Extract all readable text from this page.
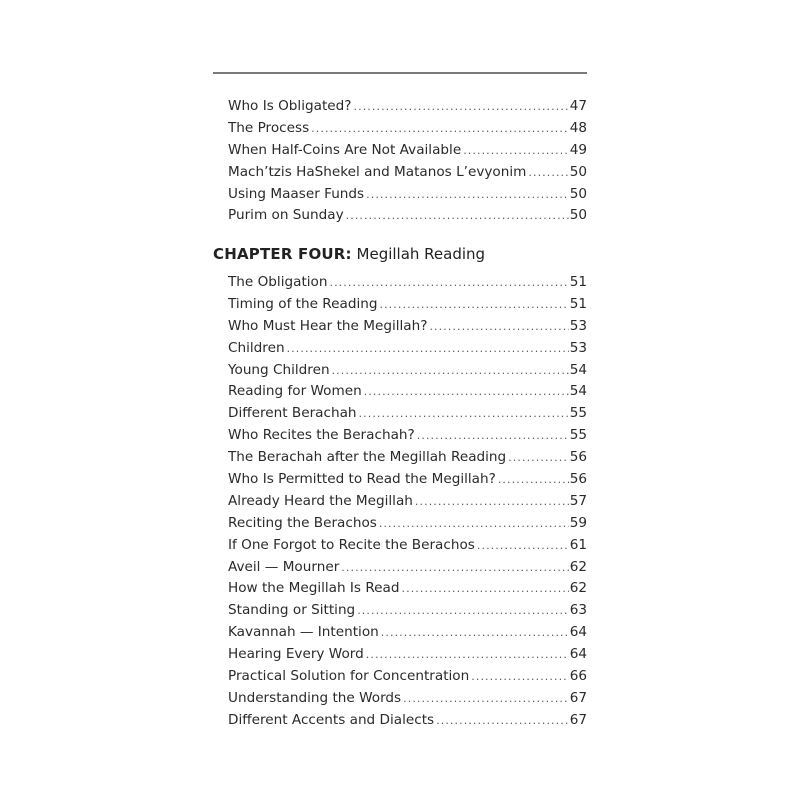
Who Is Obligated? .....	47
The Process .....	48
When Half-Coins Are Not Available .....	49
Mach’tzis HaShekel and Matanos L’evyonim .....	50
Using Maaser Funds .....	50
Purim on Sunday .....	50
CHAPTER FOUR: Megillah Reading
The Obligation .....	51
Timing of the Reading .....	51
Who Must Hear the Megillah? .....	53
Children .....	53
Young Children .....	54
Reading for Women .....	54
Different Berachah .....	55
Who Recites the Berachah? .....	55
The Berachah after the Megillah Reading .....	56
Who Is Permitted to Read the Megillah? .....	56
Already Heard the Megillah .....	57
Reciting the Berachos .....	59
If One Forgot to Recite the Berachos .....	61
Aveil — Mourner .....	62
How the Megillah Is Read .....	62
Standing or Sitting .....	63
Kavannah — Intention .....	64
Hearing Every Word .....	64
Practical Solution for Concentration .....	66
Understanding the Words .....	67
Different Accents and Dialects .....	67
